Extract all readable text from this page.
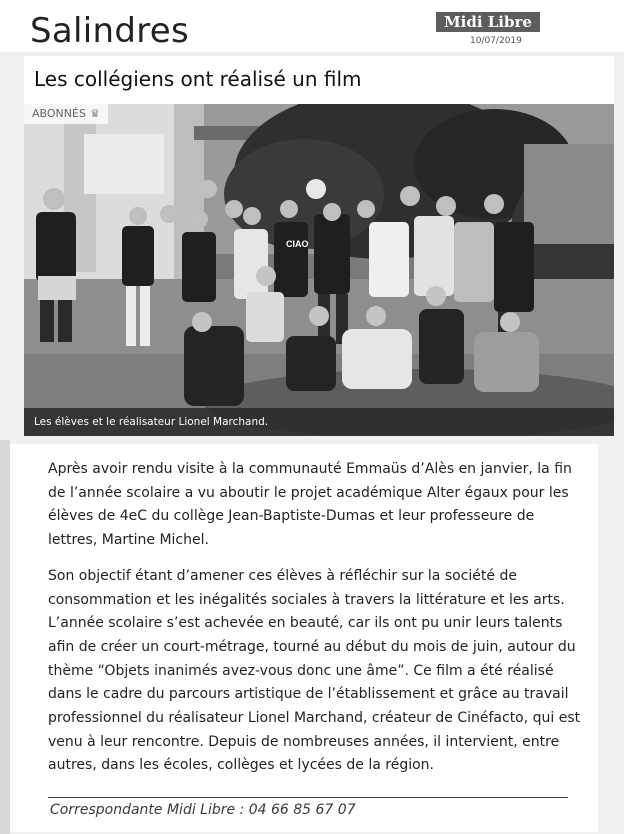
Salindres	Midi Libre
10/07/2019
Les collégiens ont réalisé un film
CIAO
ABONNÉS ♛
Les élèves et le réalisateur Lionel Marchand.

Après avoir rendu visite à la communauté Emmaüs d’Alès en janvier, la fin de l’année scolaire a vu aboutir le projet académique Alter égaux pour les élèves de 4eC du collège Jean-Baptiste-Dumas et leur professeure de lettres, Martine Michel.

Son objectif étant d’amener ces élèves à réfléchir sur la société de consommation et les inégalités sociales à travers la littérature et les arts. L’année scolaire s’est achevée en beauté, car ils ont pu unir leurs talents afin de créer un court-métrage, tourné au début du mois de juin, autour du thème “Objets inanimés avez-vous donc une âme”. Ce film a été réalisé dans le cadre du parcours artistique de l’établissement et grâce au travail professionnel du réalisateur Lionel Marchand, créateur de Cinéfacto, qui est venu à leur rencontre. Depuis de nombreuses années, il intervient, entre autres, dans les écoles, collèges et lycées de la région.

Correspondante Midi Libre : 04 66 85 67 07
